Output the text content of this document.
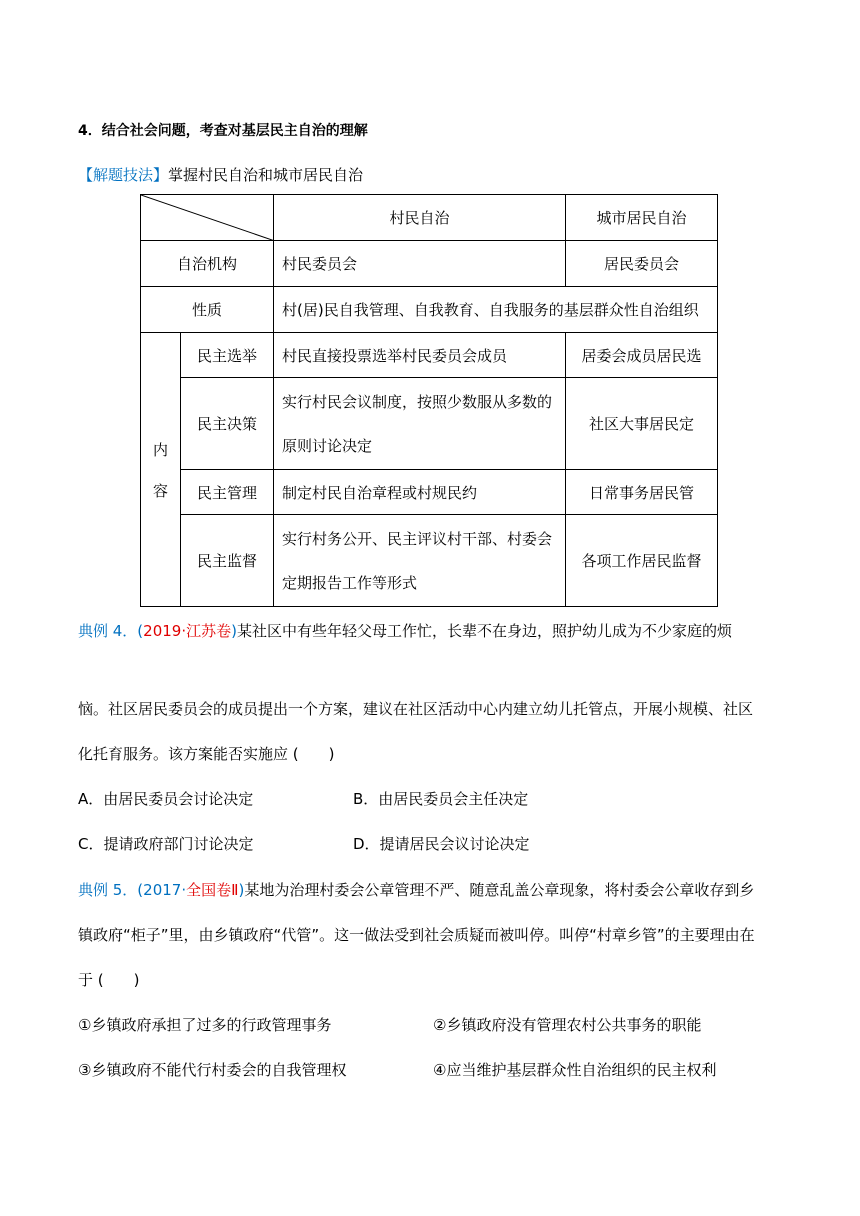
4．结合社会问题，考查对基层民主自治的理解
【解题技法】掌握村民自治和城市居民自治
	村民自治	城市居民自治
自治机构		村民委员会	居民委员会
性质		村(居)民自我管理、自我教育、自我服务的基层群众性自治组织	

内
容	民主选举	村民直接投票选举村民委员会成员	居委会成员居民选
	民主决策	实行村民会议制度，按照少数服从多数的
原则讨论决定	社区大事居民定
	民主管理	制定村民自治章程或村规民约	日常事务居民管
	民主监督	实行村务公开、民主评议村干部、村委会
定期报告工作等形式	各项工作居民监督
典例 4．(2019·江苏卷)某社区中有些年轻父母工作忙，长辈不在身边，照护幼儿成为不少家庭的烦
恼。社区居民委员会的成员提出一个方案，建议在社区活动中心内建立幼儿托管点，开展小规模、社区
化托育服务。该方案能否实施应 (　　)
A．由居民委员会讨论决定	B．由居民委员会主任决定
C．提请政府部门讨论决定	D．提请居民会议讨论决定
典例 5．(2017·全国卷Ⅱ)某地为治理村委会公章管理不严、随意乱盖公章现象，将村委会公章收存到乡
镇政府“柜子”里，由乡镇政府“代管”。这一做法受到社会质疑而被叫停。叫停“村章乡管”的主要理由在
于 (　　)
①乡镇政府承担了过多的行政管理事务	②乡镇政府没有管理农村公共事务的职能
③乡镇政府不能代行村委会的自我管理权	④应当维护基层群众性自治组织的民主权利
